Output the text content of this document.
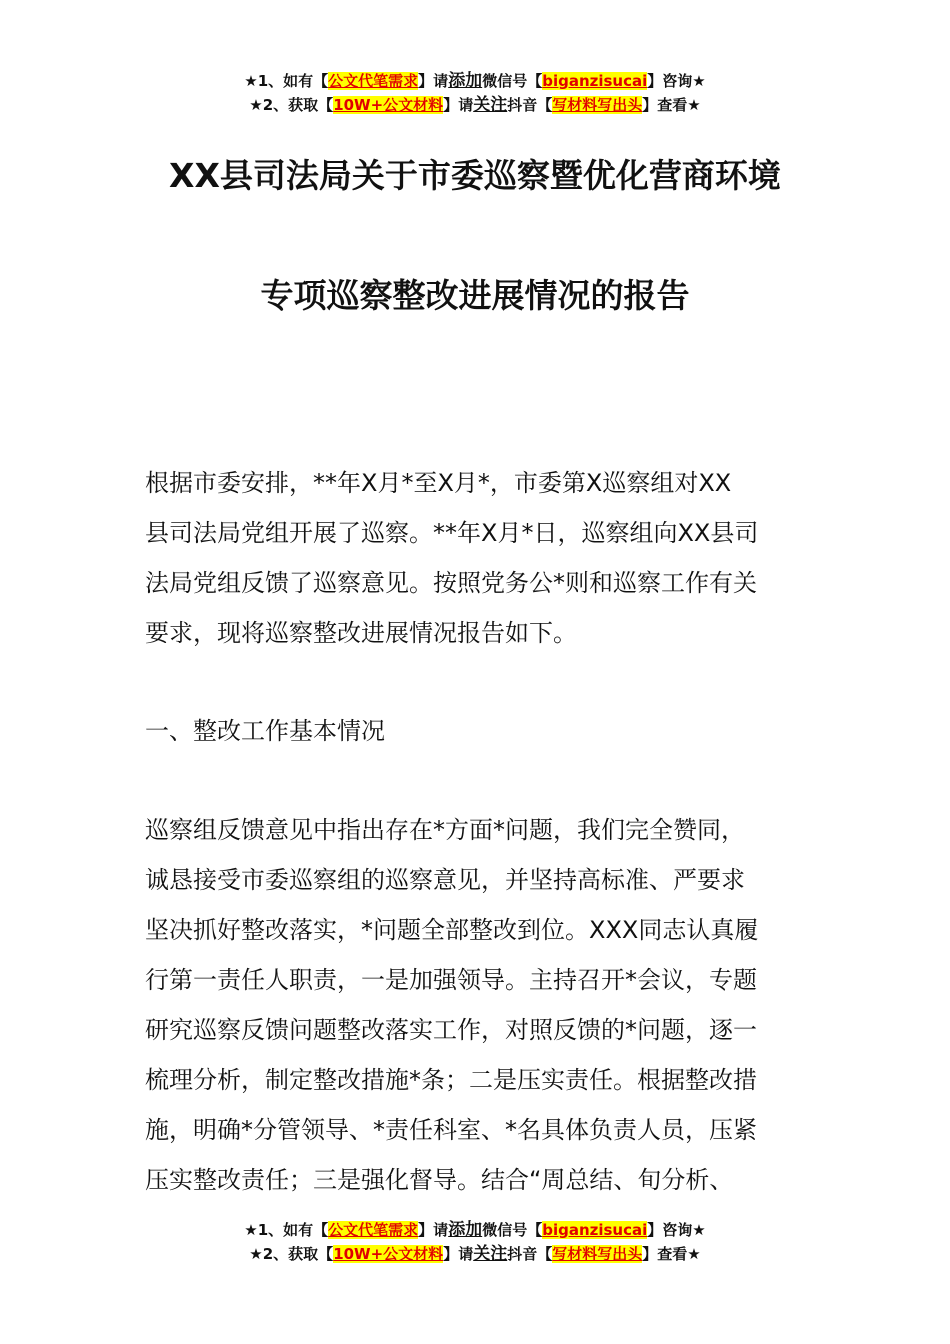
★1、如有【公文代笔需求】请添加微信号【biganzisucai】咨询★
★2、获取【10W+公文材料】请关注抖音【写材料写出头】查看★
XX县司法局关于市委巡察暨优化营商环境
专项巡察整改进展情况的报告
根据市委安排，**年X月*至X月*，市委第X巡察组对XX
县司法局党组开展了巡察。**年X月*日，巡察组向XX县司
法局党组反馈了巡察意见。按照党务公*则和巡察工作有关
要求，现将巡察整改进展情况报告如下。
一、整改工作基本情况
巡察组反馈意见中指出存在*方面*问题，我们完全赞同，
诚恳接受市委巡察组的巡察意见，并坚持高标准、严要求
坚决抓好整改落实，*问题全部整改到位。XXX同志认真履
行第一责任人职责，一是加强领导。主持召开*会议，专题
研究巡察反馈问题整改落实工作，对照反馈的*问题，逐一
梳理分析，制定整改措施*条；二是压实责任。根据整改措
施，明确*分管领导、*责任科室、*名具体负责人员，压紧
压实整改责任；三是强化督导。结合“周总结、旬分析、
★1、如有【公文代笔需求】请添加微信号【biganzisucai】咨询★
★2、获取【10W+公文材料】请关注抖音【写材料写出头】查看★
